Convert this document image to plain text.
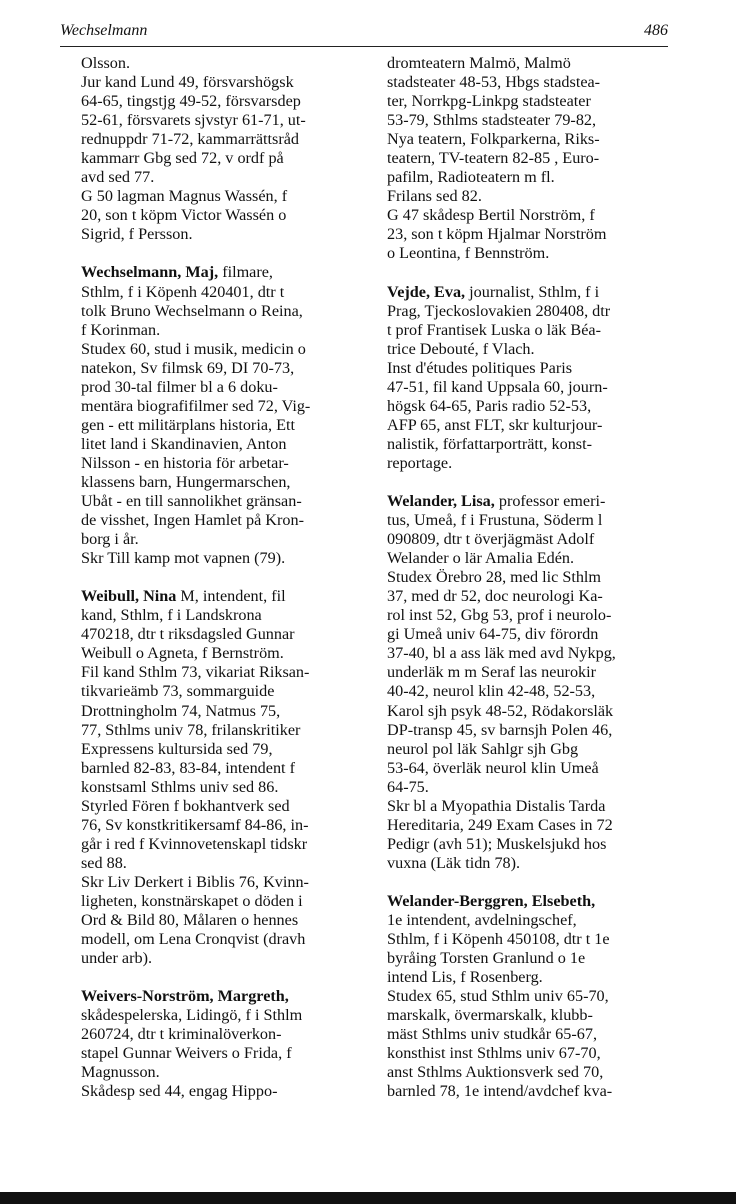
Wechselmann	486
Olsson.
Jur kand Lund 49, försvarshögsk
64-65, tingstjg 49-52, försvarsdep
52-61, försvarets sjvstyr 61-71, ut-
rednuppdr 71-72, kammarrättsråd
kammarr Gbg sed 72, v ordf på
avd sed 77.
G 50 lagman Magnus Wassén, f
20, son t köpm Victor Wassén o
Sigrid, f Persson.
Wechselmann, Maj, filmare,
Sthlm, f i Köpenh 420401, dtr t
tolk Bruno Wechselmann o Reina,
f Korinman.
Studex 60, stud i musik, medicin o
natekon, Sv filmsk 69, DI 70-73,
prod 30-tal filmer bl a 6 doku-
mentära biografifilmer sed 72, Vig-
gen - ett militärplans historia, Ett
litet land i Skandinavien, Anton
Nilsson - en historia för arbetar-
klassens barn, Hungermarschen,
Ubåt - en till sannolikhet gränsan-
de visshet, Ingen Hamlet på Kron-
borg i år.
Skr Till kamp mot vapnen (79).
Weibull, Nina M, intendent, fil
kand, Sthlm, f i Landskrona
470218, dtr t riksdagsled Gunnar
Weibull o Agneta, f Bernström.
Fil kand Sthlm 73, vikariat Riksan-
tikvarieämb 73, sommarguide
Drottningholm 74, Natmus 75,
77, Sthlms univ 78, frilanskritiker
Expressens kultursida sed 79,
barnled 82-83, 83-84, intendent f
konstsaml Sthlms univ sed 86.
Styrled Fören f bokhantverk sed
76, Sv konstkritikersamf 84-86, in-
går i red f Kvinnovetenskapl tidskr
sed 88.
Skr Liv Derkert i Biblis 76, Kvinn-
ligheten, konstnärskapet o döden i
Ord & Bild 80, Målaren o hennes
modell, om Lena Cronqvist (dravh
under arb).
Weivers-Norström, Margreth,
skådespelerska, Lidingö, f i Sthlm
260724, dtr t kriminalöverkon-
stapel Gunnar Weivers o Frida, f
Magnusson.
Skådesp sed 44, engag Hippo-
dromteatern Malmö, Malmö
stadsteater 48-53, Hbgs stadstea-
ter, Norrkpg-Linkpg stadsteater
53-79, Sthlms stadsteater 79-82,
Nya teatern, Folkparkerna, Riks-
teatern, TV-teatern 82-85 , Euro-
pafilm, Radioteatern m fl.
Frilans sed 82.
G 47 skådesp Bertil Norström, f
23, son t köpm Hjalmar Norström
o Leontina, f Bennström.
Vejde, Eva, journalist, Sthlm, f i
Prag, Tjeckoslovakien 280408, dtr
t prof Frantisek Luska o läk Béa-
trice Debouté, f Vlach.
Inst d'études politiques Paris
47-51, fil kand Uppsala 60, journ-
högsk 64-65, Paris radio 52-53,
AFP 65, anst FLT, skr kulturjour-
nalistik, författarporträtt, konst-
reportage.
Welander, Lisa, professor emeri-
tus, Umeå, f i Frustuna, Söderm l
090809, dtr t överjägmäst Adolf
Welander o lär Amalia Edén.
Studex Örebro 28, med lic Sthlm
37, med dr 52, doc neurologi Ka-
rol inst 52, Gbg 53, prof i neurolo-
gi Umeå univ 64-75, div förordn
37-40, bl a ass läk med avd Nykpg,
underläk m m Seraf las neurokir
40-42, neurol klin 42-48, 52-53,
Karol sjh psyk 48-52, Rödakorsläk
DP-transp 45, sv barnsjh Polen 46,
neurol pol läk Sahlgr sjh Gbg
53-64, överläk neurol klin Umeå
64-75.
Skr bl a Myopathia Distalis Tarda
Hereditaria, 249 Exam Cases in 72
Pedigr (avh 51); Muskelsjukd hos
vuxna (Läk tidn 78).
Welander-Berggren, Elsebeth,
1e intendent, avdelningschef,
Sthlm, f i Köpenh 450108, dtr t 1e
byråing Torsten Granlund o 1e
intend Lis, f Rosenberg.
Studex 65, stud Sthlm univ 65-70,
marskalk, övermarskalk, klubb-
mäst Sthlms univ studkår 65-67,
konsthist inst Sthlms univ 67-70,
anst Sthlms Auktionsverk sed 70,
barnled 78, 1e intend/avdchef kva-
